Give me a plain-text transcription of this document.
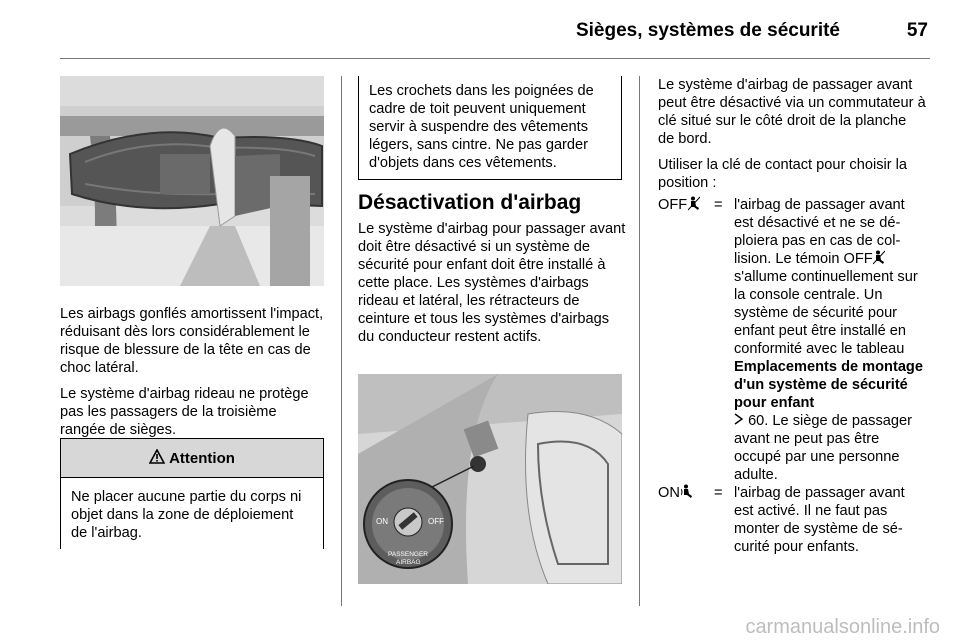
Sièges, systèmes de sécurité	57

Les airbags gonflés amortissent l'impact, réduisant dès lors considérablement le risque de blessure de la tête en cas de choc latéral.

Le système d'airbag rideau ne protège pas les passagers de la troisième rangée de sièges.

Attention
Ne placer aucune partie du corps ni objet dans la zone de déploiement de l'airbag.
Les crochets dans les poignées de cadre de toit peuvent uniquement servir à suspendre des vêtements légers, sans cintre. Ne pas garder d'objets dans ces vêtements.
Désactivation d'airbag

Le système d'airbag pour passager avant doit être désactivé si un système de sécurité pour enfant doit être installé à cette place. Les systèmes d'airbags rideau et latéral, les rétracteurs de ceinture et tous les systèmes d'airbags du conducteur restent actifs.

ON	OFF
PASSENGER
AIRBAG

Le système d'airbag de passager avant peut être désactivé via un commutateur à clé situé sur le côté droit de la planche de bord.

Utiliser la clé de contact pour choisir la position :

OFF = l'airbag de passager avant est désactivé et ne se déploiera pas en cas de collision. Le témoin OFF s'allume continuellement sur la console centrale. Un système de sécurité pour enfant peut être installé en conformité avec le tableau Emplacements de montage d'un système de sécurité pour enfant
60. Le siège de passager avant ne peut pas être occupé par une personne adulte.
ON = l'airbag de passager avant est activé. Il ne faut pas monter de système de sécurité pour enfants.
carmanualsonline.info
